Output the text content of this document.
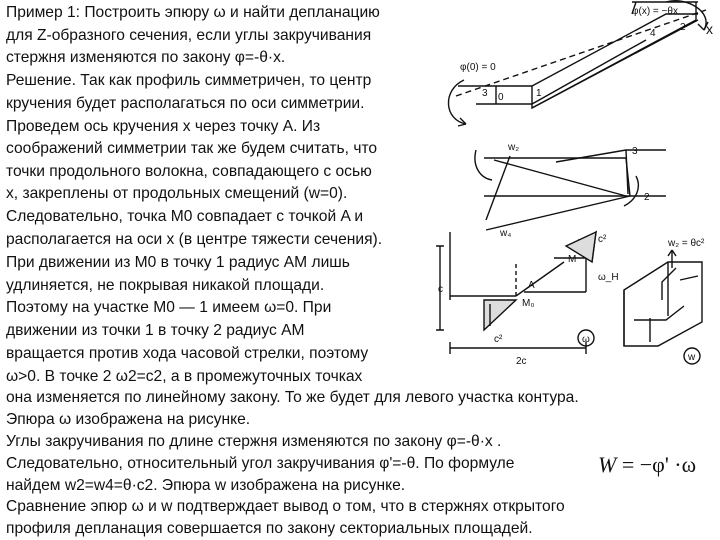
Пример 1: Построить эпюру ω и найти депланацию
для Z-образного сечения, если углы закручивания
стержня изменяются по закону φ=-θ·x.
Решение. Так как профиль симметричен, то центр
кручения будет располагаться по оси симметрии.
Проведем ось кручения x через точку A. Из
соображений симметрии так же будем считать, что
точки продольного волокна, совпадающего с осью
x, закреплены от продольных смещений (w=0).
Следовательно, точка M0 совпадает с точкой A и
располагается на оси x (в центре тяжести сечения).
При движении из M0 в точку 1 радиус AM лишь
удлиняется, не покрывая никакой площади.
Поэтому на участке M0 — 1 имеем ω=0. При
движении из точки 1 в точку 2 радиус AM
вращается против хода часовой стрелки, поэтому
ω>0. В точке 2 ω2=c2, а в промежуточных точках
она изменяется по линейному закону. То же будет для левого участка контура.
Эпюра ω изображена на рисунке.
Углы закручивания по длине стержня изменяются по закону φ=-θ·x .
Следовательно, относительный угол закручивания φ'=-θ. По формуле
найдем w2=w4=θ·c2. Эпюра w изображена на рисунке.
Сравнение эпюр ω и w подтверждает вывод о том, что в стержнях открытого
профиля депланация совершается по закону секториальных площадей.
W = −φ' ·ω
φ(x) = −θx
φ(0) = 0
x
0	1
2
3
4
w₂	3
2
w₄
c²
c
M
A
M₀
ω_H
c²
2c
ω
w₂ = θc²
w
